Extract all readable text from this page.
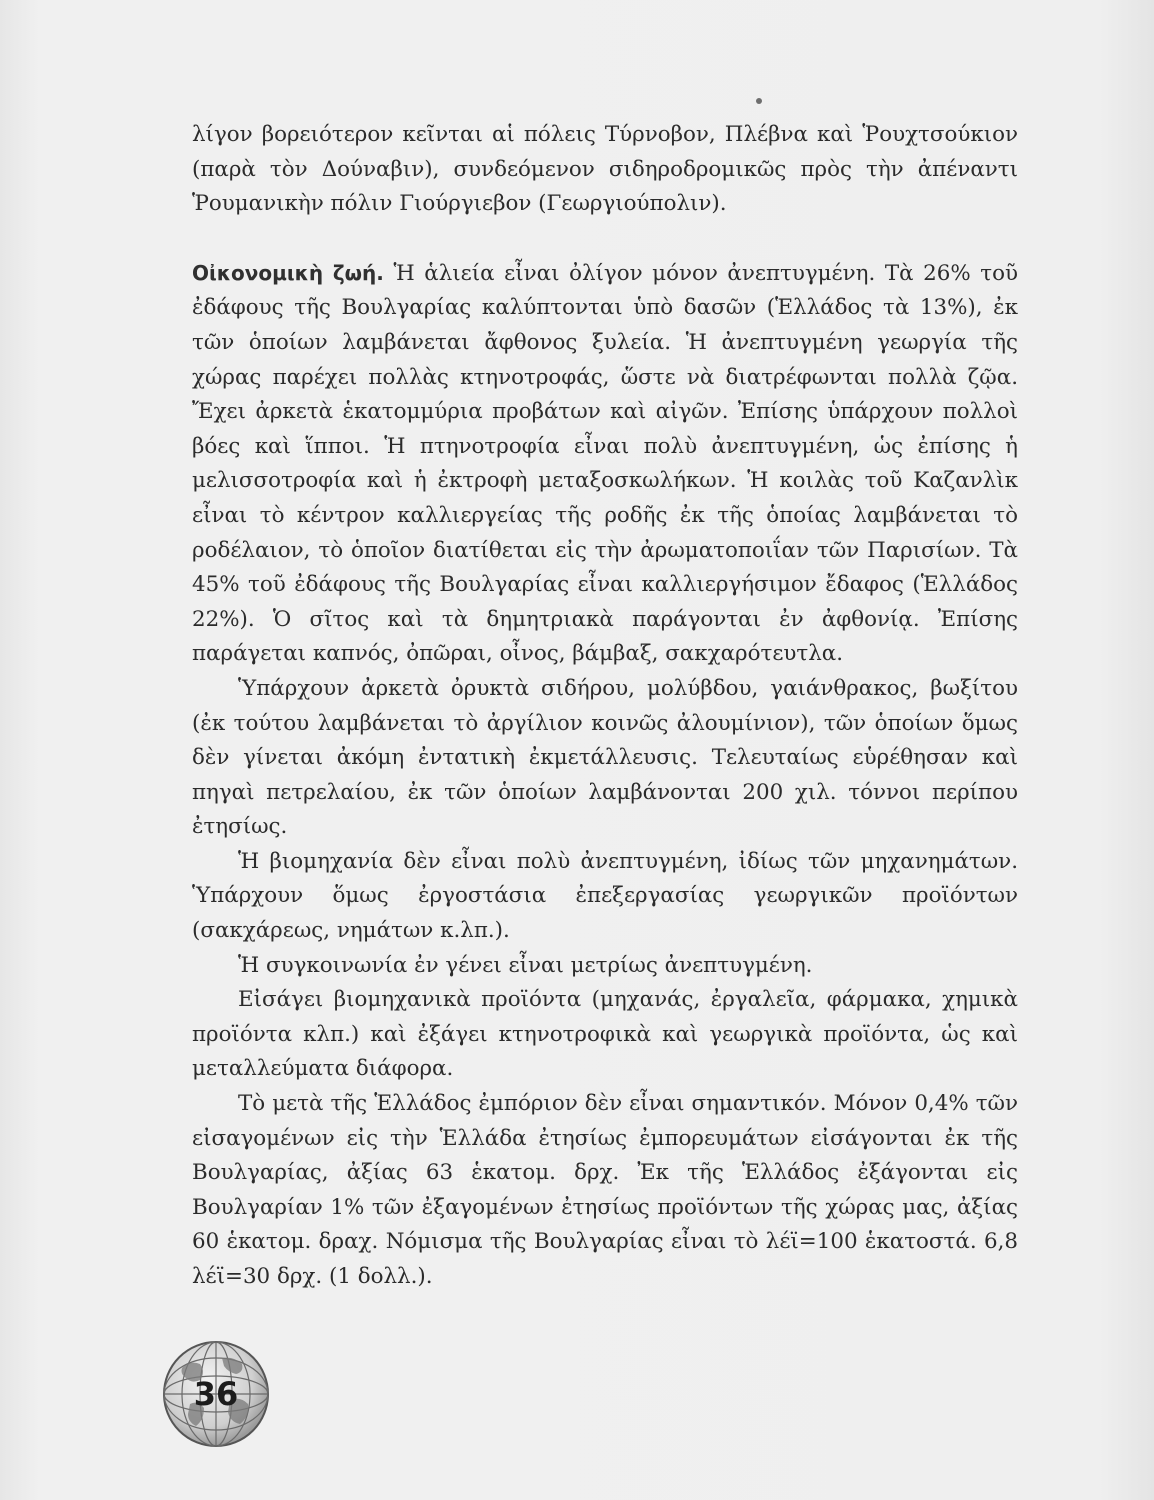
λίγον βορειότερον κεῖνται αἱ πόλεις Τύρνοβον, Πλέβνα καὶ Ῥουχτσούκιον (παρὰ τὸν Δούναβιν), συνδεόμενον σιδηροδρομικῶς πρὸς τὴν ἀπέναντι Ῥουμανικὴν πόλιν Γιούργιεβον (Γεωργιούπολιν).

Οἰκονομικὴ ζωή. Ἡ ἁλιεία εἶναι ὀλίγον μόνον ἀνεπτυγμένη. Τὰ 26% τοῦ ἐδάφους τῆς Βουλγαρίας καλύπτονται ὑπὸ δασῶν (Ἑλλάδος τὰ 13%), ἐκ τῶν ὁποίων λαμβάνεται ἄφθονος ξυλεία. Ἡ ἀνεπτυγμένη γεωργία τῆς χώρας παρέχει πολλὰς κτηνοτροφάς, ὥστε νὰ διατρέφωνται πολλὰ ζῷα. Ἔχει ἀρκετὰ ἑκατομμύρια προβάτων καὶ αἰγῶν. Ἐπίσης ὑπάρχουν πολλοὶ βόες καὶ ἵπποι. Ἡ πτηνοτροφία εἶναι πολὺ ἀνεπτυγμένη, ὡς ἐπίσης ἡ μελισσοτροφία καὶ ἡ ἐκτροφὴ μεταξοσκωλήκων. Ἡ κοιλὰς τοῦ Καζανλὶκ εἶναι τὸ κέντρον καλλιεργείας τῆς ροδῆς ἐκ τῆς ὁποίας λαμβάνεται τὸ ροδέλαιον, τὸ ὁποῖον διατίθεται εἰς τὴν ἀρωματοποιΐαν τῶν Παρισίων. Τὰ 45% τοῦ ἐδάφους τῆς Βουλγαρίας εἶναι καλλιεργήσιμον ἔδαφος (Ἑλλάδος 22%). Ὁ σῖτος καὶ τὰ δημητριακὰ παράγονται ἐν ἀφθονίᾳ. Ἐπίσης παράγεται καπνός, ὀπῶραι, οἶνος, βάμβαξ, σακχαρότευτλα.

Ὑπάρχουν ἀρκετὰ ὀρυκτὰ σιδήρου, μολύβδου, γαιάνθρακος, βωξίτου (ἐκ τούτου λαμβάνεται τὸ ἀργίλιον κοινῶς ἀλουμίνιον), τῶν ὁποίων ὅμως δὲν γίνεται ἀκόμη ἐντατικὴ ἐκμετάλλευσις. Τελευταίως εὑρέθησαν καὶ πηγαὶ πετρελαίου, ἐκ τῶν ὁποίων λαμβάνονται 200 χιλ. τόννοι περίπου ἐτησίως.

Ἡ βιομηχανία δὲν εἶναι πολὺ ἀνεπτυγμένη, ἰδίως τῶν μηχανημάτων. Ὑπάρχουν ὅμως ἐργοστάσια ἐπεξεργασίας γεωργικῶν προϊόντων (σακχάρεως, νημάτων κ.λπ.).

Ἡ συγκοινωνία ἐν γένει εἶναι μετρίως ἀνεπτυγμένη.

Εἰσάγει βιομηχανικὰ προϊόντα (μηχανάς, ἐργαλεῖα, φάρμακα, χημικὰ προϊόντα κλπ.) καὶ ἐξάγει κτηνοτροφικὰ καὶ γεωργικὰ προϊόντα, ὡς καὶ μεταλλεύματα διάφορα.

Τὸ μετὰ τῆς Ἑλλάδος ἐμπόριον δὲν εἶναι σημαντικόν. Μόνον 0,4% τῶν εἰσαγομένων εἰς τὴν Ἑλλάδα ἐτησίως ἐμπορευμάτων εἰσάγονται ἐκ τῆς Βουλγαρίας, ἀξίας 63 ἑκατομ. δρχ. Ἐκ τῆς Ἑλλάδος ἐξάγονται εἰς Βουλγαρίαν 1% τῶν ἐξαγομένων ἐτησίως προϊόντων τῆς χώρας μας, ἀξίας 60 ἑκατομ. δραχ. Νόμισμα τῆς Βουλγαρίας εἶναι τὸ λέϊ=100 ἑκατοστά. 6,8 λέϊ=30 δρχ. (1 δολλ.).

36
